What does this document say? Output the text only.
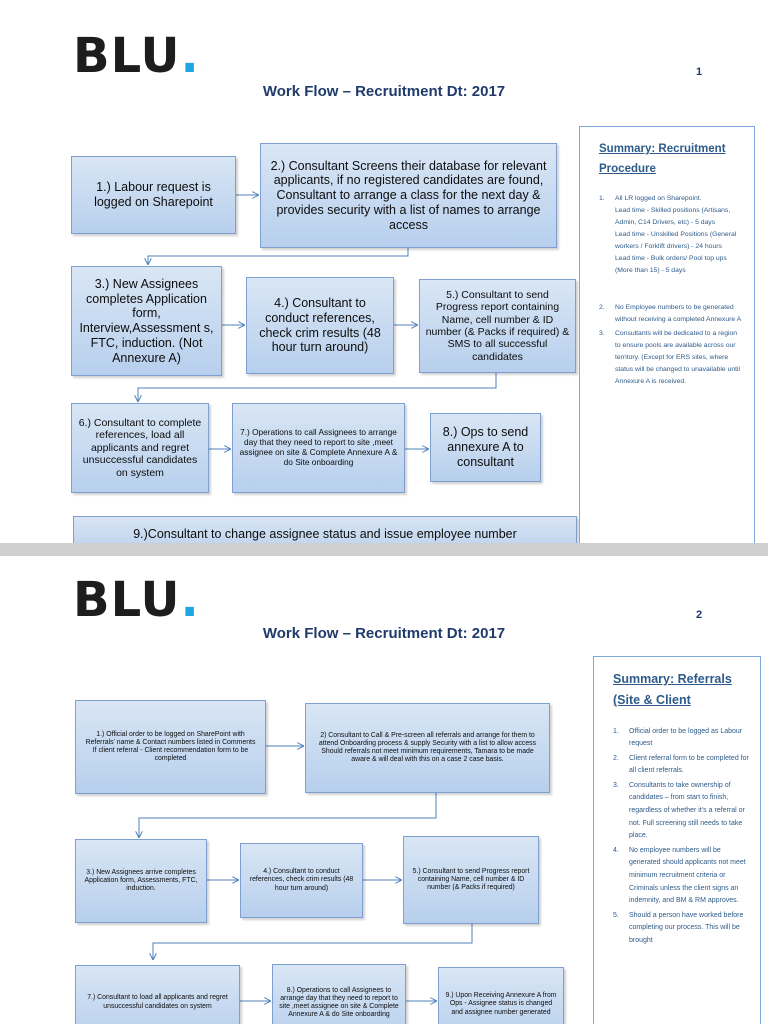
BLU.
Work Flow – Recruitment Dt: 2017
1
1.) Labour request is logged on Sharepoint
2.) Consultant Screens their database for relevant applicants, if no registered candidates are found, Consultant to arrange a class for the next day & provides security with a list of names to arrange access
3.) New Assignees completes Application form, Interview,Assessment s, FTC, induction. (Not Annexure A)
4.) Consultant to conduct references, check crim results (48 hour turn around)
5.) Consultant to send Progress report containing Name, cell number & ID number (& Packs if required) & SMS to all successful candidates
6.) Consultant to complete references, load all applicants and regret unsuccessful candidates on system
7.) Operations to call Assignees to arrange day that they need to report to site ,meet assignee on site & Complete Annexure A & do Site onboarding
8.) Ops to send annexure A to consultant
9.)Consultant to change assignee status and issue employee number
Summary: Recruitment Procedure
1. All LR logged on Sharepoint.
Lead time - Skilled positions (Artisans, Admin, C14 Drivers, etc) - 5 days
Lead time - Unskilled Positions (General workers / Forklift drivers) - 24 hours
Lead time - Bulk orders/ Pool top ups (More than 15) - 5 days
2. No Employee numbers to be generated without receiving a completed Annexure A
3. Consultants will be dedicated to a region to ensure pools are available across our territory. (Except for ERS sites, where status will be changed to unavailable until Annexure A is received.
BLU.
Work Flow – Recruitment Dt: 2017
2
1.) Official order to be logged on SharePoint with Referrals’ name & Contact numbers listed in Comments
If client referral - Client recommendation form to be completed
2) Consultant to Call & Pre-screen all referrals and arrange for them to attend Onboarding process & supply Security with a list to allow access
Should referrals not meet minimum requirements, Tamara to be made aware & will deal with this on a case 2 case basis.
3.) New Assignees arrive completes Application form, Assessments, FTC, induction.
4.) Consultant to conduct references, check crim results (48 hour turn around)
5.) Consultant to send Progress report containing Name, cell number & ID number (& Packs if required)
7.) Consultant to load all applicants and regret unsuccessful candidates on system
8.) Operations to call Assignees to arrange day that they need to report to site ,meet assignee on site & Complete Annexure A & do Site onboarding
9.) Upon Receiving Annexure A from Ops - Assignee status is changed and assignee number generated
Summary: Referrals (Site & Client
1. Official order to be logged as Labour request
2. Client referral form to be completed for all client referrals.
3. Consultants to take ownership of candidates – from start to finish, regardless of whether it’s a referral or not. Full screening still needs to take place.
4. No employee numbers will be generated should applicants not meet minimum recruitment criteria or Criminals unless the client signs an indemnity, and BM & RM approves.
5. Should a person have worked before completing our process. This will be brought
